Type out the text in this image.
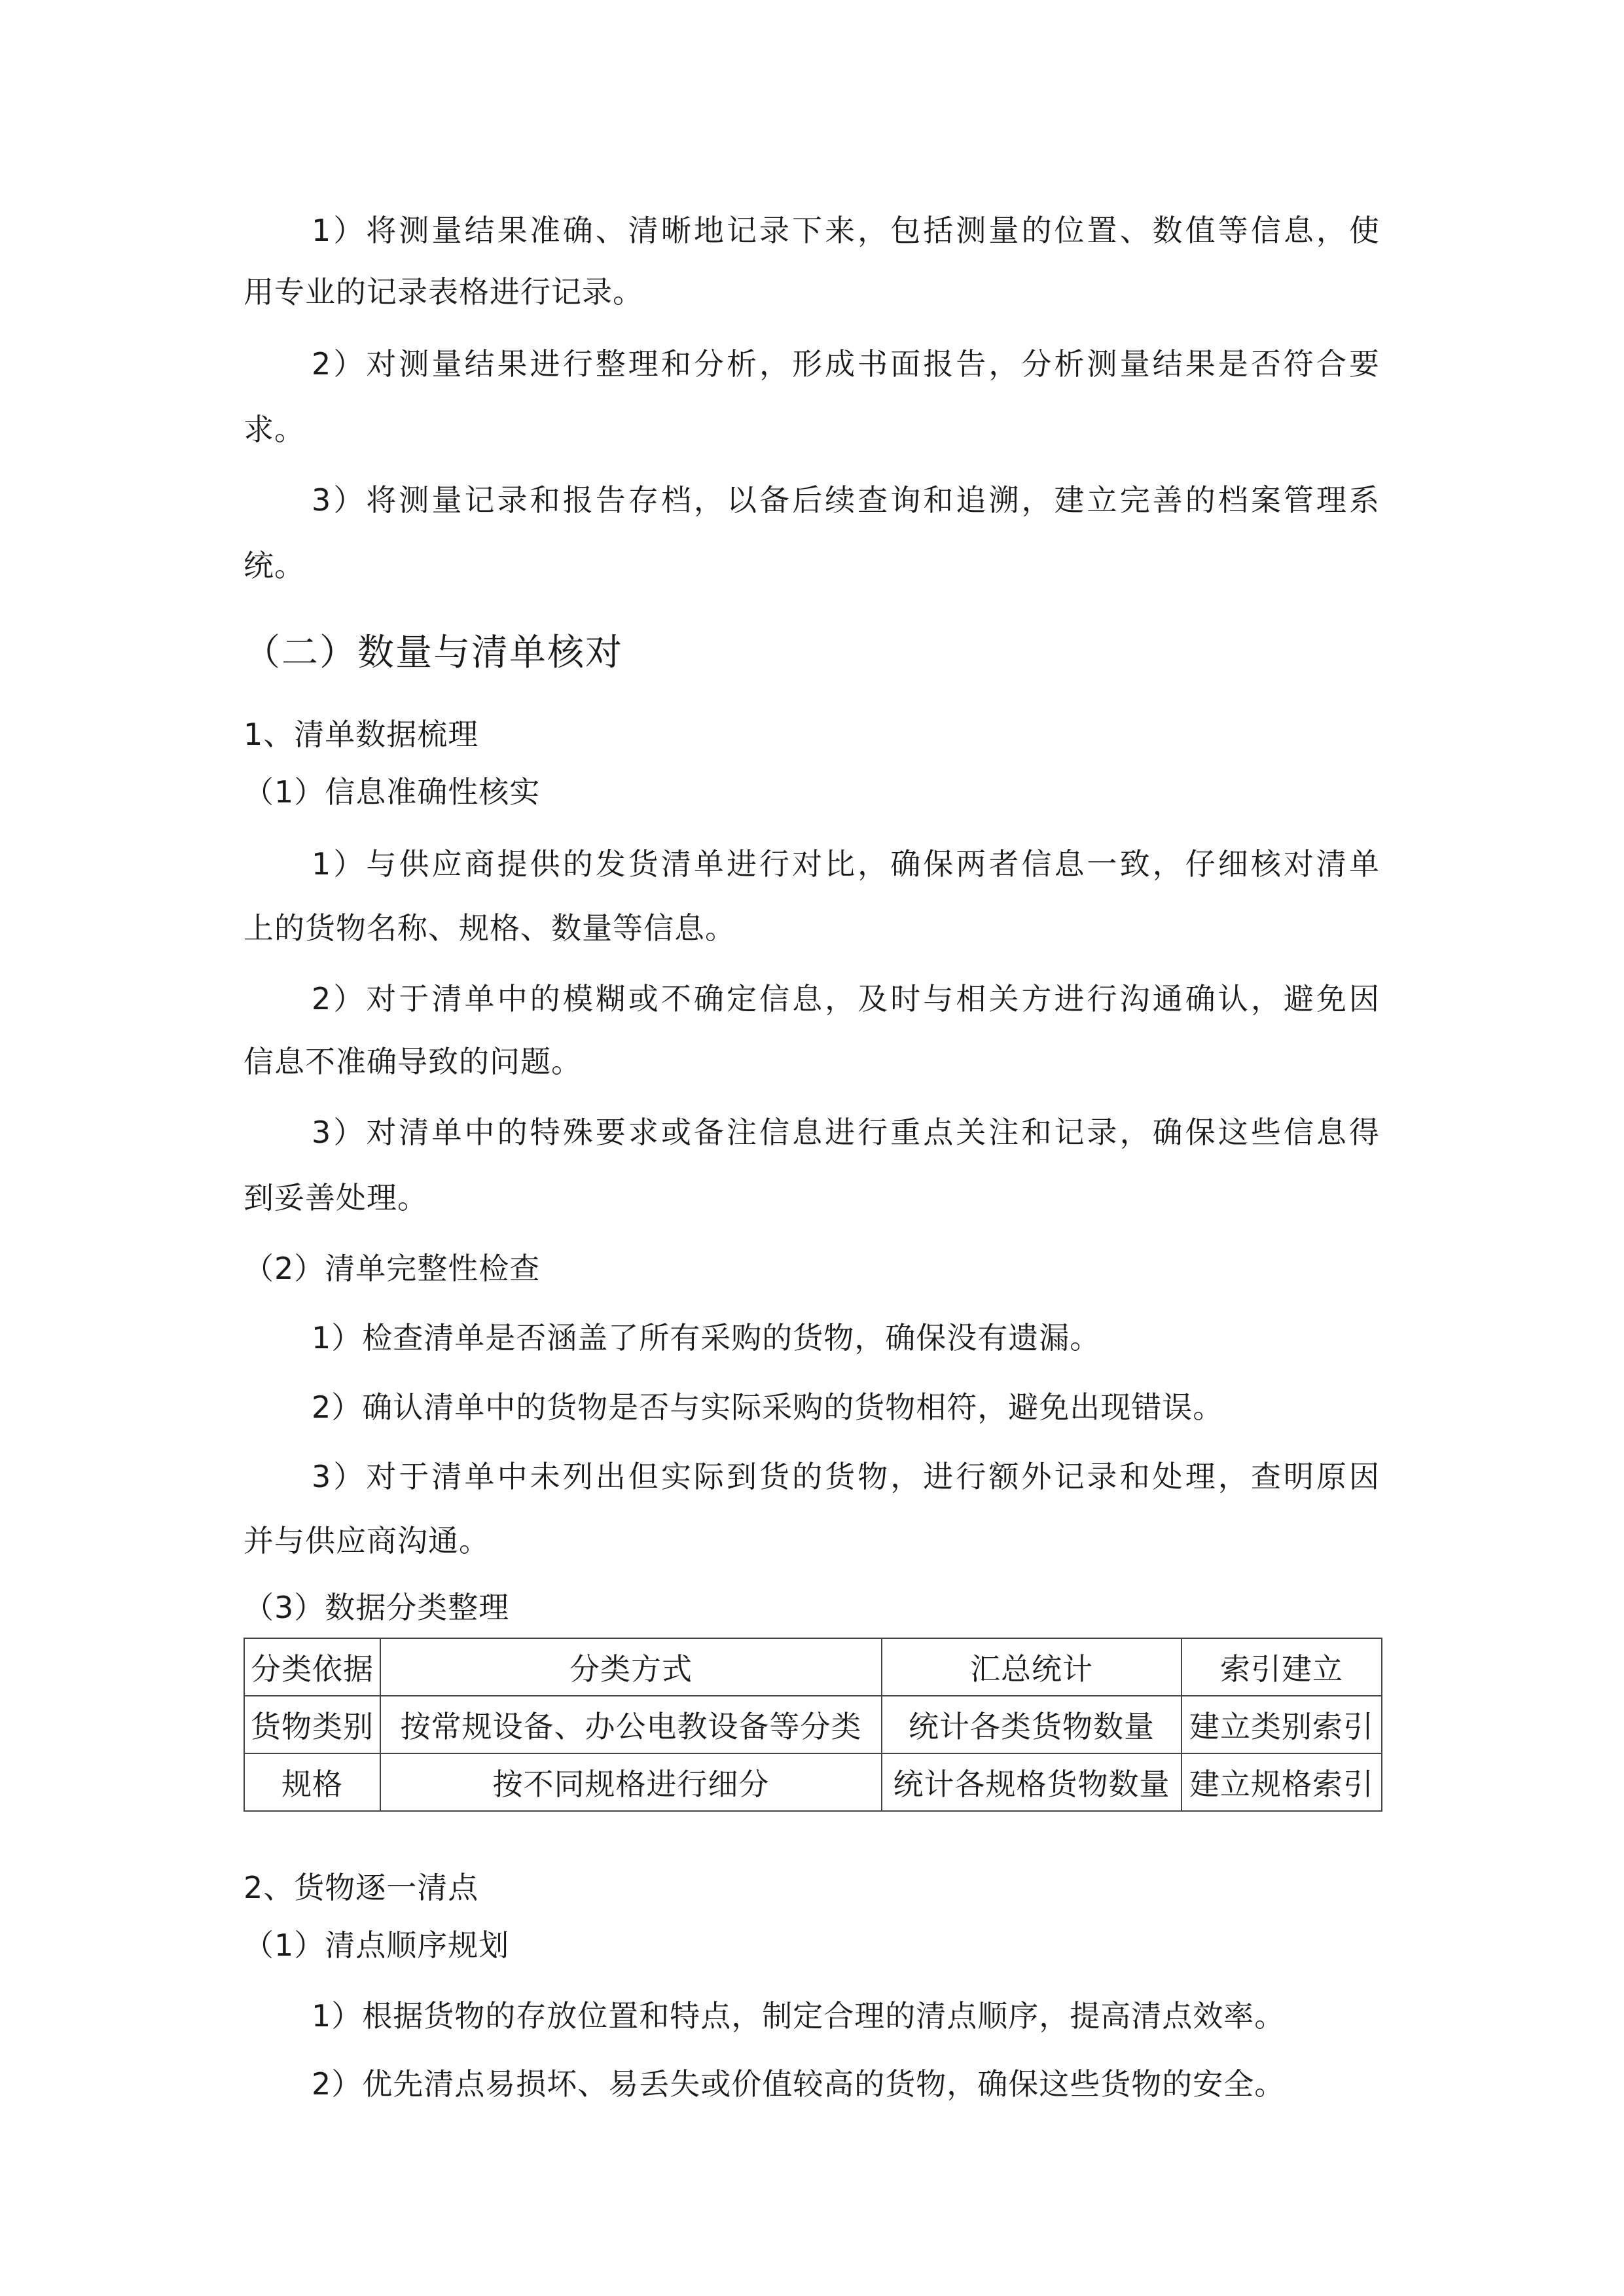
1）将测量结果准确、清晰地记录下来，包括测量的位置、数值等信息，使
用专业的记录表格进行记录。
2）对测量结果进行整理和分析，形成书面报告，分析测量结果是否符合要
求。
3）将测量记录和报告存档，以备后续查询和追溯，建立完善的档案管理系
统。
（二）数量与清单核对
1、清单数据梳理
（1）信息准确性核实
1）与供应商提供的发货清单进行对比，确保两者信息一致，仔细核对清单
上的货物名称、规格、数量等信息。
2）对于清单中的模糊或不确定信息，及时与相关方进行沟通确认，避免因
信息不准确导致的问题。
3）对清单中的特殊要求或备注信息进行重点关注和记录，确保这些信息得
到妥善处理。
（2）清单完整性检查
1）检查清单是否涵盖了所有采购的货物，确保没有遗漏。
2）确认清单中的货物是否与实际采购的货物相符，避免出现错误。
3）对于清单中未列出但实际到货的货物，进行额外记录和处理，查明原因
并与供应商沟通。
（3）数据分类整理
分类依据	分类方式	汇总统计	索引建立
货物类别	按常规设备、办公电教设备等分类	统计各类货物数量	建立类别索引
规格	按不同规格进行细分	统计各规格货物数量	建立规格索引
2、货物逐一清点
（1）清点顺序规划
1）根据货物的存放位置和特点，制定合理的清点顺序，提高清点效率。
2）优先清点易损坏、易丢失或价值较高的货物，确保这些货物的安全。
